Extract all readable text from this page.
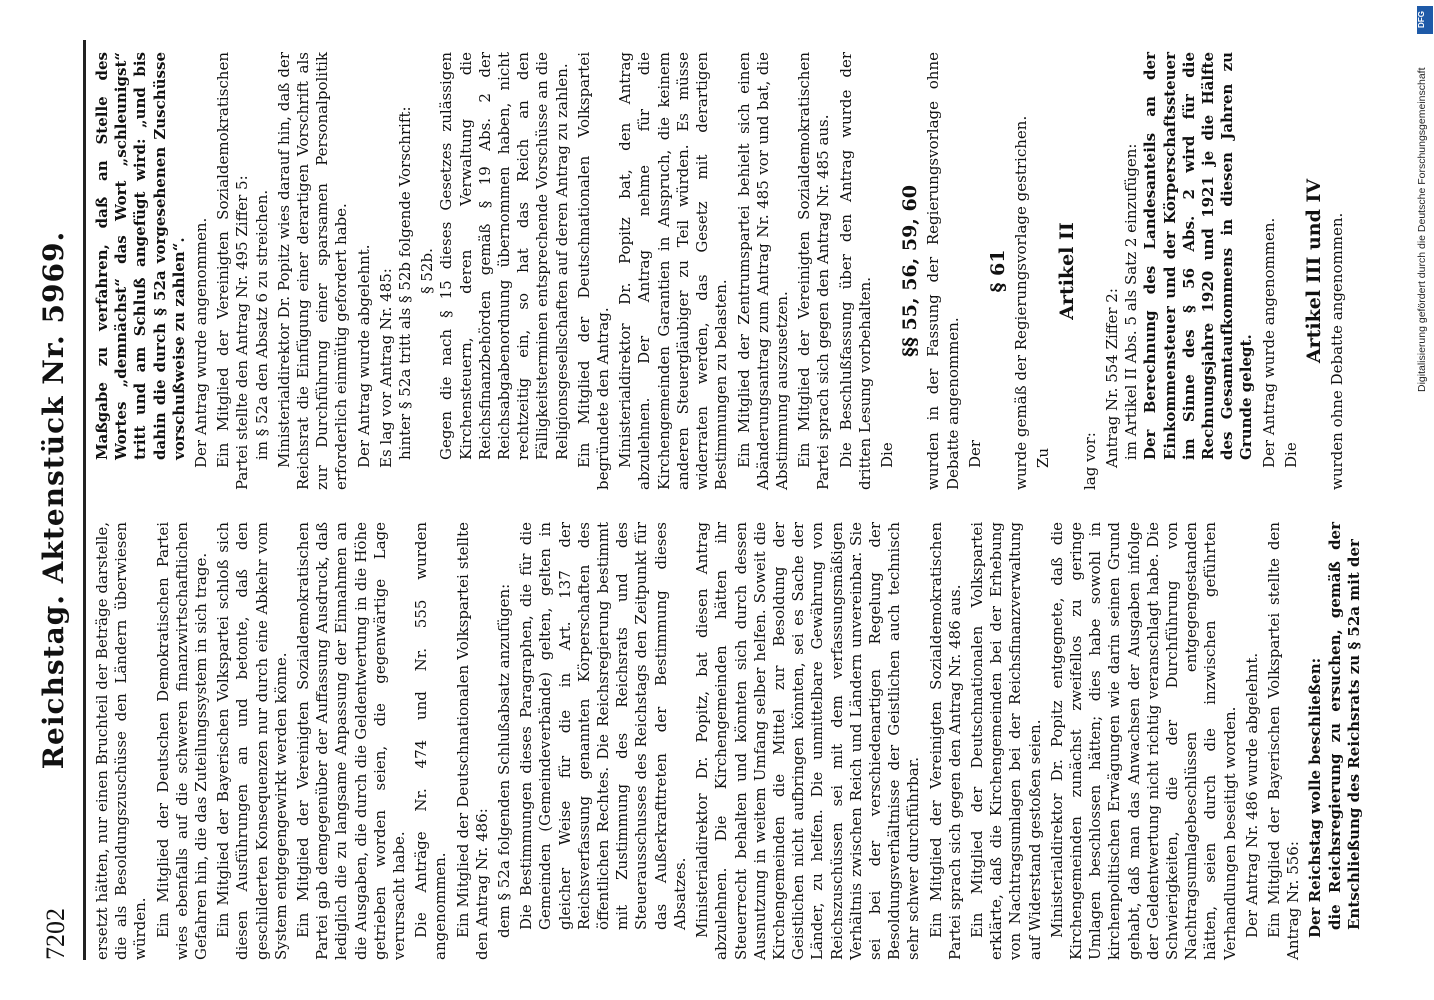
7202
Reichstag. Aktenstück Nr. 5969. ersetzt hätten, nur einen Bruchteil der Beträge darstelle, die als Besoldungszuschüsse den Ländern überwiesen würden. Ein Mitglied der Deutschen Demokratischen Partei wies ebenfalls auf die schweren finanzwirtschaftlichen Gefahren hin, die das Zuteilungssystem in sich trage. Ein Mitglied der Bayerischen Volkspartei schloß sich diesen Ausführungen an und betonte, daß den geschilderten Konsequenzen nur durch eine Abkehr vom System entgegengewirkt werden könne. Ein Mitglied der Vereinigten Sozialdemokratischen Partei gab demgegenüber der Auffassung Ausdruck, daß lediglich die zu langsame Anpassung der Einnahmen an die Ausgaben, die durch die Geldentwertung in die Höhe getrieben worden seien, die gegenwärtige Lage verursacht habe. Die Anträge Nr. 474 und Nr. 555 wurden angenommen. Ein Mitglied der Deutschnationalen Volkspartei stellte den Antrag Nr. 486: dem § 52a folgenden Schlußabsatz anzufügen: Die Bestimmungen dieses Paragraphen, die für die Gemeinden (Gemeindeverbände) gelten, gelten in gleicher Weise für die in Art. 137 der Reichsverfassung genannten Körperschaften des öffentlichen Rechtes. Die Reichsregierung bestimmt mit Zustimmung des Reichsrats und des Steuerausschusses des Reichstags den Zeitpunkt für das Außerkrafttreten der Bestimmung dieses Absatzes. Ministerialdirektor Dr. Popitz, bat diesen Antrag abzulehnen. Die Kirchengemeinden hätten ihr Steuerrecht behalten und könnten sich durch dessen Ausnutzung in weitem Umfang selber helfen. Soweit die Kirchengemeinden die Mittel zur Besoldung der Geistlichen nicht aufbringen könnten, sei es Sache der Länder, zu helfen. Die unmittelbare Gewährung von Reichszuschüssen sei mit dem verfassungsmäßigen Verhältnis zwischen Reich und Ländern unvereinbar. Sie sei bei der verschiedenartigen Regelung der Besoldungsverhältnisse der Geistlichen auch technisch sehr schwer durchführbar. Ein Mitglied der Vereinigten Sozialdemokratischen Partei sprach sich gegen den Antrag Nr. 486 aus. Ein Mitglied der Deutschnationalen Volkspartei erklärte, daß die Kirchengemeinden bei der Erhebung von Nachtragsumlagen bei der Reichsfinanzverwaltung auf Widerstand gestoßen seien. Ministerialdirektor Dr. Popitz entgegnete, daß die Kirchengemeinden zunächst zweifellos zu geringe Umlagen beschlossen hätten; dies habe sowohl in kirchenpolitischen Erwägungen wie darin seinen Grund gehabt, daß man das Anwachsen der Ausgaben infolge der Geldentwertung nicht richtig veranschlagt habe. Die Schwierigkeiten, die der Durchführung von Nachtragsumlagebeschlüssen entgegengestanden hätten, seien durch die inzwischen geführten Verhandlungen beseitigt worden. Der Antrag Nr. 486 wurde abgelehnt. Ein Mitglied der Bayerischen Volkspartei stellte den Antrag Nr. 556: Der Reichstag wolle beschließen: die Reichsregierung zu ersuchen, gemäß der Entschließung des Reichsrats zu § 52a mit der

Maßgabe zu verfahren, daß an Stelle des Wortes „demnächst“ das Wort „schleunigst“ tritt und am Schluß angefügt wird: „und bis dahin die durch § 52a vorgesehenen Zuschüsse vorschußweise zu zahlen“. Der Antrag wurde angenommen. Ein Mitglied der Vereinigten Sozialdemokratischen Partei stellte den Antrag Nr. 495 Ziffer 5: im § 52a den Absatz 6 zu streichen. Ministerialdirektor Dr. Popitz wies darauf hin, daß der Reichsrat die Einfügung einer derartigen Vorschrift als zur Durchführung einer sparsamen Personalpolitik erforderlich einmütig gefordert habe. Der Antrag wurde abgelehnt. Es lag vor Antrag Nr. 485: hinter § 52a tritt als § 52b folgende Vorschrift: § 52b. Gegen die nach § 15 dieses Gesetzes zulässigen Kirchensteuern, deren Verwaltung die Reichsfinanzbehörden gemäß § 19 Abs. 2 der Reichsabgabenordnung übernommen haben, nicht rechtzeitig ein, so hat das Reich an den Fälligkeitsterminen entsprechende Vorschüsse an die Religionsgesellschaften auf deren Antrag zu zahlen. Ein Mitglied der Deutschnationalen Volkspartei begründete den Antrag. Ministerialdirektor Dr. Popitz bat, den Antrag abzulehnen. Der Antrag nehme für die Kirchengemeinden Garantien in Anspruch, die keinem anderen Steuergläubiger zu Teil würden. Es müsse widerraten werden, das Gesetz mit derartigen Bestimmungen zu belasten. Ein Mitglied der Zentrumspartei behielt sich einen Abänderungsantrag zum Antrag Nr. 485 vor und bat, die Abstimmung auszusetzen. Ein Mitglied der Vereinigten Sozialdemokratischen Partei sprach sich gegen den Antrag Nr. 485 aus. Die Beschlußfassung über den Antrag wurde der dritten Lesung vorbehalten. Die

§§ 55, 56, 59, 60 wurden in der Fassung der Regierungsvorlage ohne Debatte angenommen. Der

§ 61 wurde gemäß der Regierungsvorlage gestrichen. Zu

Artikel II

lag vor: Antrag Nr. 554 Ziffer 2: im Artikel II Abs. 5 als Satz 2 einzufügen: Der Berechnung des Landesanteils an der Einkommensteuer und der Körperschaftssteuer im Sinne des § 56 Abs. 2 wird für die Rechnungsjahre 1920 und 1921 je die Hälfte des Gesamtaufkommens in diesen Jahren zu Grunde gelegt. Der Antrag wurde angenommen. Die

Artikel III und IV wurden ohne Debatte angenommen.

DFG
Digitalisierung gefördert durch die Deutsche Forschungsgemeinschaft
